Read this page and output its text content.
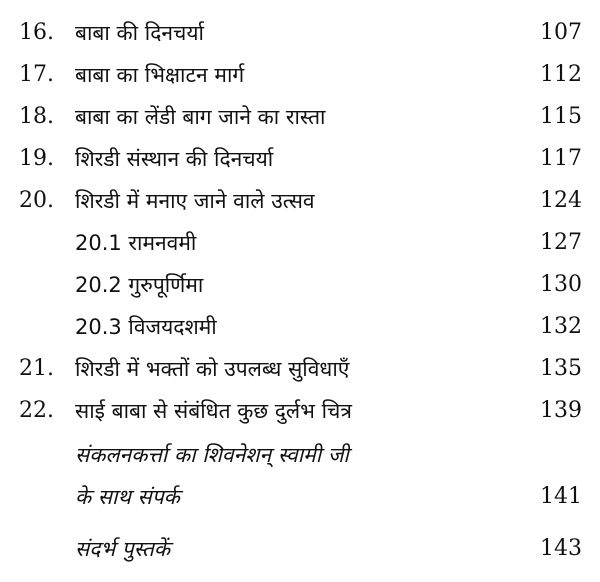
16. बाबा की दिनचर्या	107
17. बाबा का भिक्षाटन मार्ग	112
18. बाबा का लेंडी बाग जाने का रास्ता	115
19. शिरडी संस्थान की दिनचर्या	117
20. शिरडी में मनाए जाने वाले उत्सव	124
20.1 रामनवमी	127
20.2 गुरुपूर्णिमा	130
20.3 विजयदशमी	132
21. शिरडी में भक्तों को उपलब्ध सुविधाएँ	135
22. साई बाबा से संबंधित कुछ दुर्लभ चित्र	139
संकलनकर्त्ता का शिवनेशन् स्वामी जी
के साथ संपर्क	141
संदर्भ पुस्तकें	143
